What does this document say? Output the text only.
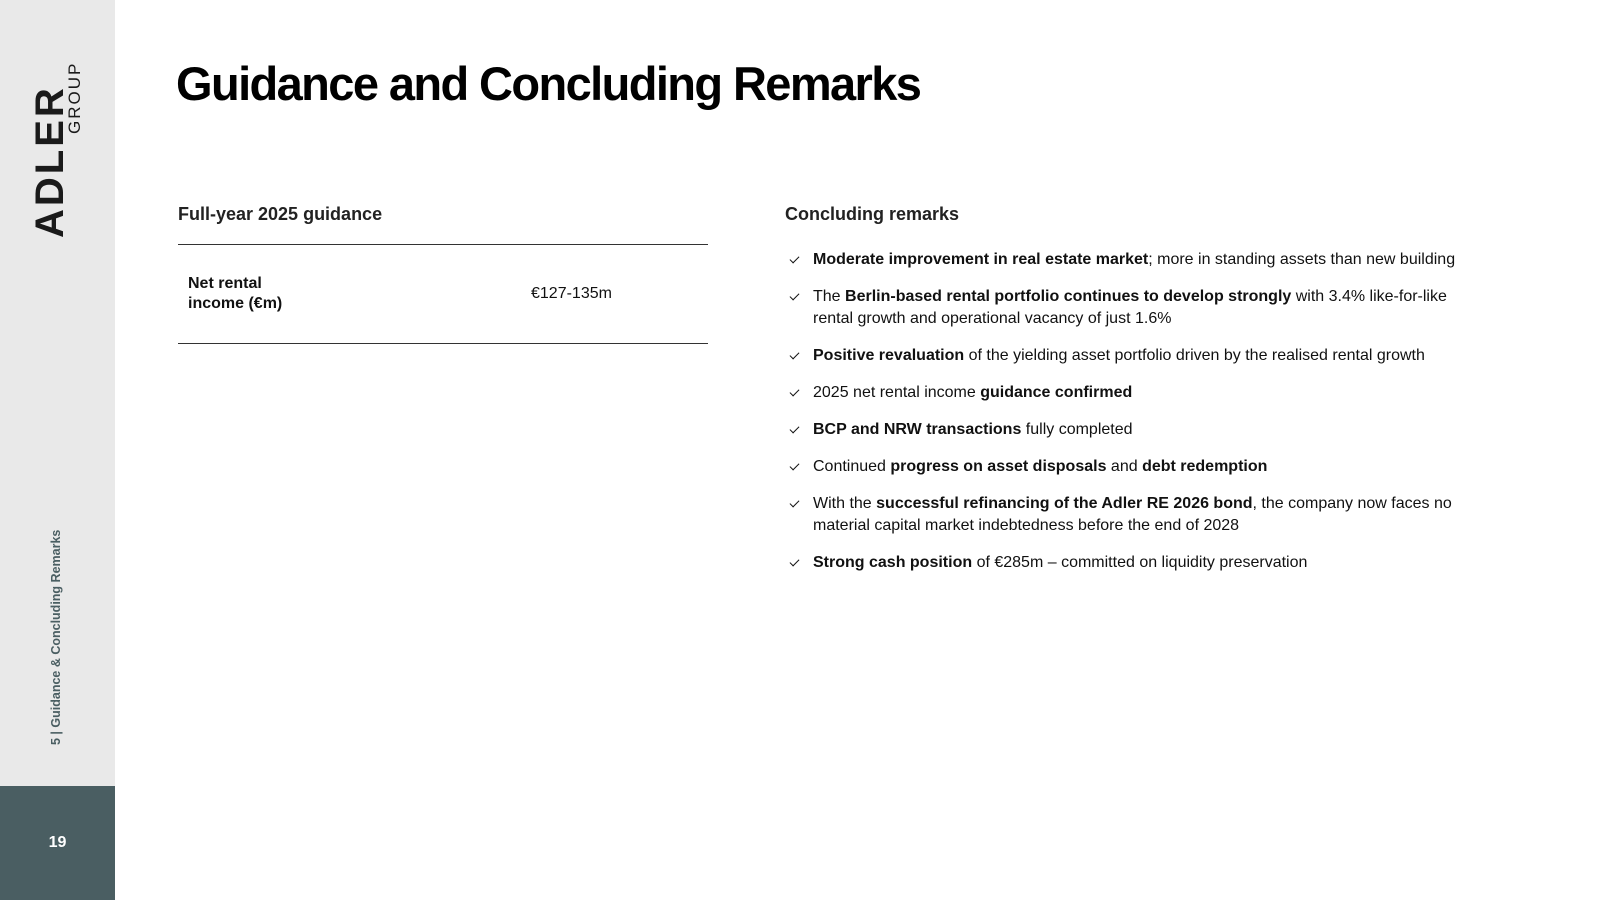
ADLER
GROUP
5 | Guidance & Concluding Remarks
19
Guidance and Concluding Remarks
Full-year 2025 guidance
Net rental
income (€m)
€127-135m
Concluding remarks
Moderate improvement in real estate market; more in standing assets than new building
The Berlin-based rental portfolio continues to develop strongly with 3.4% like-for-like rental growth and operational vacancy of just 1.6%
Positive revaluation of the yielding asset portfolio driven by the realised rental growth
2025 net rental income guidance confirmed
BCP and NRW transactions fully completed
Continued progress on asset disposals and debt redemption
With the successful refinancing of the Adler RE 2026 bond, the company now faces no material capital market indebtedness before the end of 2028
Strong cash position of €285m – committed on liquidity preservation
